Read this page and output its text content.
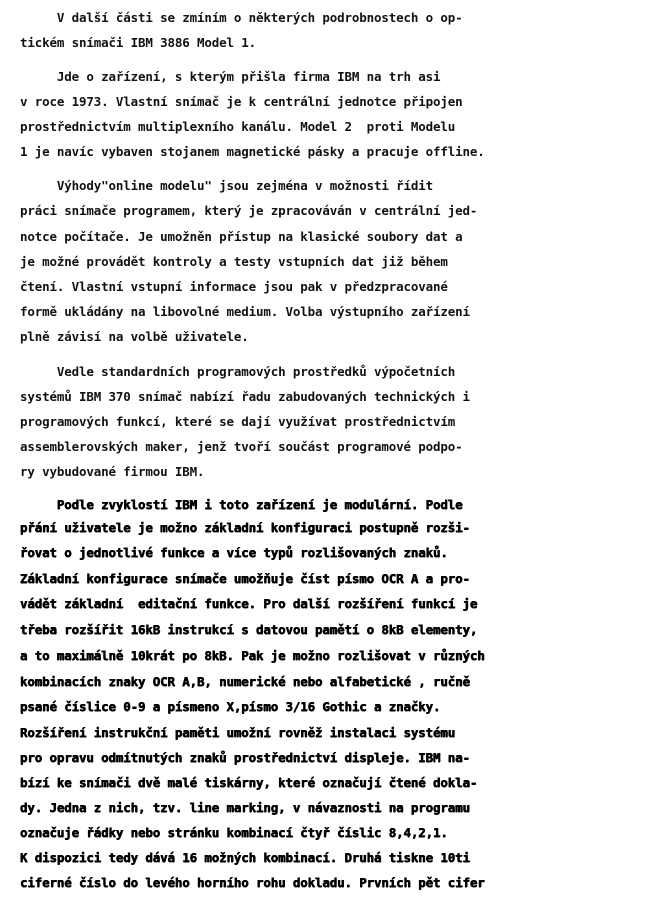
V další části se zmíním o některých podrobnostech o op-
tickém snímači IBM 3886 Model 1.
Jde o zařízení, s kterým přišla firma IBM na trh asi
v roce 1973. Vlastní snímač je k centrální jednotce připojen
prostřednictvím multiplexního kanálu. Model 2  proti Modelu
1 je navíc vybaven stojanem magnetické pásky a pracuje offline.
Výhody"online modelu" jsou zejména v možnosti řídit
práci snímače programem, který je zpracováván v centrální jed-
notce počítače. Je umožněn přístup na klasické soubory dat a
je možné provádět kontroly a testy vstupních dat již během
čtení. Vlastní vstupní informace jsou pak v předzpracované
formě ukládány na libovolné medium. Volba výstupního zařízení
plně závisí na volbě uživatele.
Vedle standardních programových prostředků výpočetních
systémů IBM 370 snímač nabízí řadu zabudovaných technických i
programových funkcí, které se dají využívat prostřednictvím
assemblerovských maker, jenž tvoří součást programové podpo-
ry vybudované firmou IBM.
Podle zvyklostí IBM i toto zařízení je modulární. Podle
přání uživatele je možno základní konfiguraci postupně rozši-
řovat o jednotlivé funkce a více typů rozlišovaných znaků.
Základní konfigurace snímače umožňuje číst písmo OCR A a pro-
vádět základní  editační funkce. Pro další rozšíření funkcí je
třeba rozšířit 16kB instrukcí s datovou pamětí o 8kB elementy,
a to maximálně 10krát po 8kB. Pak je možno rozlišovat v různých
kombinacích znaky OCR A,B, numerické nebo alfabetické , ručně
psané číslice 0-9 a písmeno X,písmo 3/16 Gothic a značky.
Rozšíření instrukční paměti umožní rovněž instalaci systému
pro opravu odmítnutých znaků prostřednictví displeje. IBM na-
bízí ke snímači dvě malé tiskárny, které označují čtené dokla-
dy. Jedna z nich, tzv. line marking, v návaznosti na programu
označuje řádky nebo stránku kombinací čtyř číslic 8,4,2,1.
K dispozici tedy dává 16 možných kombinací. Druhá tiskne 10ti
ciferné číslo do levého horního rohu dokladu. Prvních pět cifer
